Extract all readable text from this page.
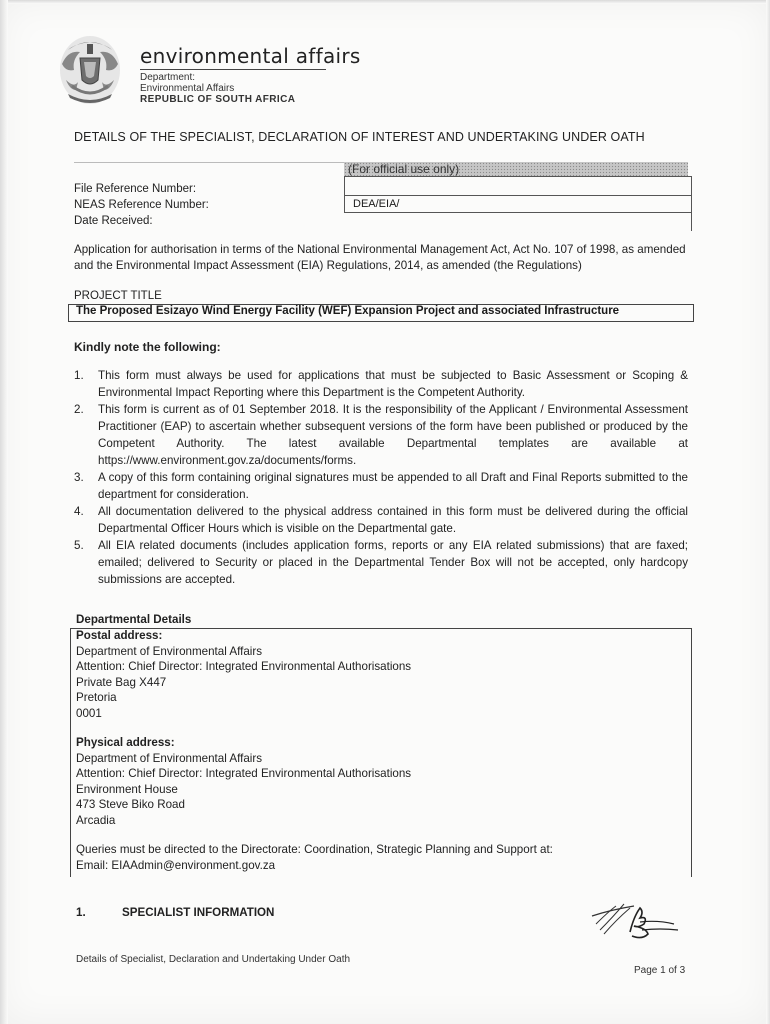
environmental affairs
Department:
Environmental Affairs
REPUBLIC OF SOUTH AFRICA
DETAILS OF THE SPECIALIST, DECLARATION OF INTEREST AND UNDERTAKING UNDER OATH
(For official use only)
DEA/EIA/
File Reference Number:
NEAS Reference Number:
Date Received:
Application for authorisation in terms of the National Environmental Management Act, Act No. 107 of 1998, as amended and the Environmental Impact Assessment (EIA) Regulations, 2014, as amended (the Regulations)
PROJECT TITLE
The Proposed Esizayo Wind Energy Facility (WEF) Expansion Project and associated Infrastructure
Kindly note the following:
1. This form must always be used for applications that must be subjected to Basic Assessment or Scoping & Environmental Impact Reporting where this Department is the Competent Authority.
2. This form is current as of 01 September 2018. It is the responsibility of the Applicant / Environmental Assessment Practitioner (EAP) to ascertain whether subsequent versions of the form have been published or produced by the Competent Authority. The latest available Departmental templates are available at https://www.environment.gov.za/documents/forms.
3. A copy of this form containing original signatures must be appended to all Draft and Final Reports submitted to the department for consideration.
4. All documentation delivered to the physical address contained in this form must be delivered during the official Departmental Officer Hours which is visible on the Departmental gate.
5. All EIA related documents (includes application forms, reports or any EIA related submissions) that are faxed; emailed; delivered to Security or placed in the Departmental Tender Box will not be accepted, only hardcopy submissions are accepted.
Departmental Details
Postal address:
Department of Environmental Affairs
Attention: Chief Director: Integrated Environmental Authorisations
Private Bag X447
Pretoria
0001
Physical address:
Department of Environmental Affairs
Attention: Chief Director: Integrated Environmental Authorisations
Environment House
473 Steve Biko Road
Arcadia
Queries must be directed to the Directorate: Coordination, Strategic Planning and Support at:
Email: EIAAdmin@environment.gov.za
1.	SPECIALIST INFORMATION
Details of Specialist, Declaration and Undertaking Under Oath
Page 1 of 3
